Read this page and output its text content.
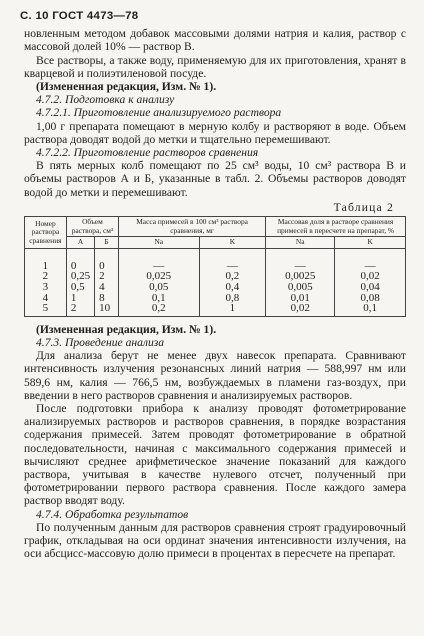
С. 10 ГОСТ 4473—78

новленным методом добавок массовыми долями натрия и калия, раствор с массовой долей 10% — раствор В.

Все растворы, а также воду, применяемую для их приготовления, хранят в кварцевой и полиэтиленовой посуде.

(Измененная редакция, Изм. № 1).

4.7.2. Подготовка к анализу

4.7.2.1. Приготовление анализируемого раствора

1,00 г препарата помещают в мерную колбу и растворяют в воде. Объем раствора доводят водой до метки и тщательно перемешивают.

4.7.2.2. Приготовление растворов сравнения

В пять мерных колб помещают по 25 см³ воды, 10 см³ раствора В и объемы растворов А и Б, указанные в табл. 2. Объемы растворов доводят водой до метки и перемешивают.

Таблица 2
Номер раствора сравнения	Объем раствора, см³		Масса примесей в 100 см³ раствора сравнения, мг		Массовая доля в растворе сравнения примесей в пересчете на препарат, %	
	А	Б	Na	K	Na	K
1	0	0	—	—	—	—
2	0,25	2	0,025	0,2	0,0025	0,02
3	0,5	4	0,05	0,4	0,005	0,04
4	1	8	0,1	0,8	0,01	0,08
5	2	10	0,2	1	0,02	0,1

(Измененная редакция, Изм. № 1).

4.7.3. Проведение анализа

Для анализа берут не менее двух навесок препарата. Сравнивают интенсивность излучения резонансных линий натрия — 588,997 нм или 589,6 нм, калия — 766,5 нм, возбуждаемых в пламени газ-воздух, при введении в него растворов сравнения и анализируемых растворов.

После подготовки прибора к анализу проводят фотометрирование анализируемых растворов и растворов сравнения, в порядке возрастания содержания примесей. Затем проводят фотометрирование в обратной последовательности, начиная с максимального содержания примесей и вычисляют среднее арифметическое значение показаний для каждого раствора, учитывая в качестве нулевого отсчет, полученный при фотометрировании первого раствора сравнения. После каждого замера раствор вводят воду.

4.7.4. Обработка результатов

По полученным данным для растворов сравнения строят градуировочный график, откладывая на оси ординат значения интенсивности излучения, на оси абсцисс-массовую долю примеси в процентах в пересчете на препарат.
